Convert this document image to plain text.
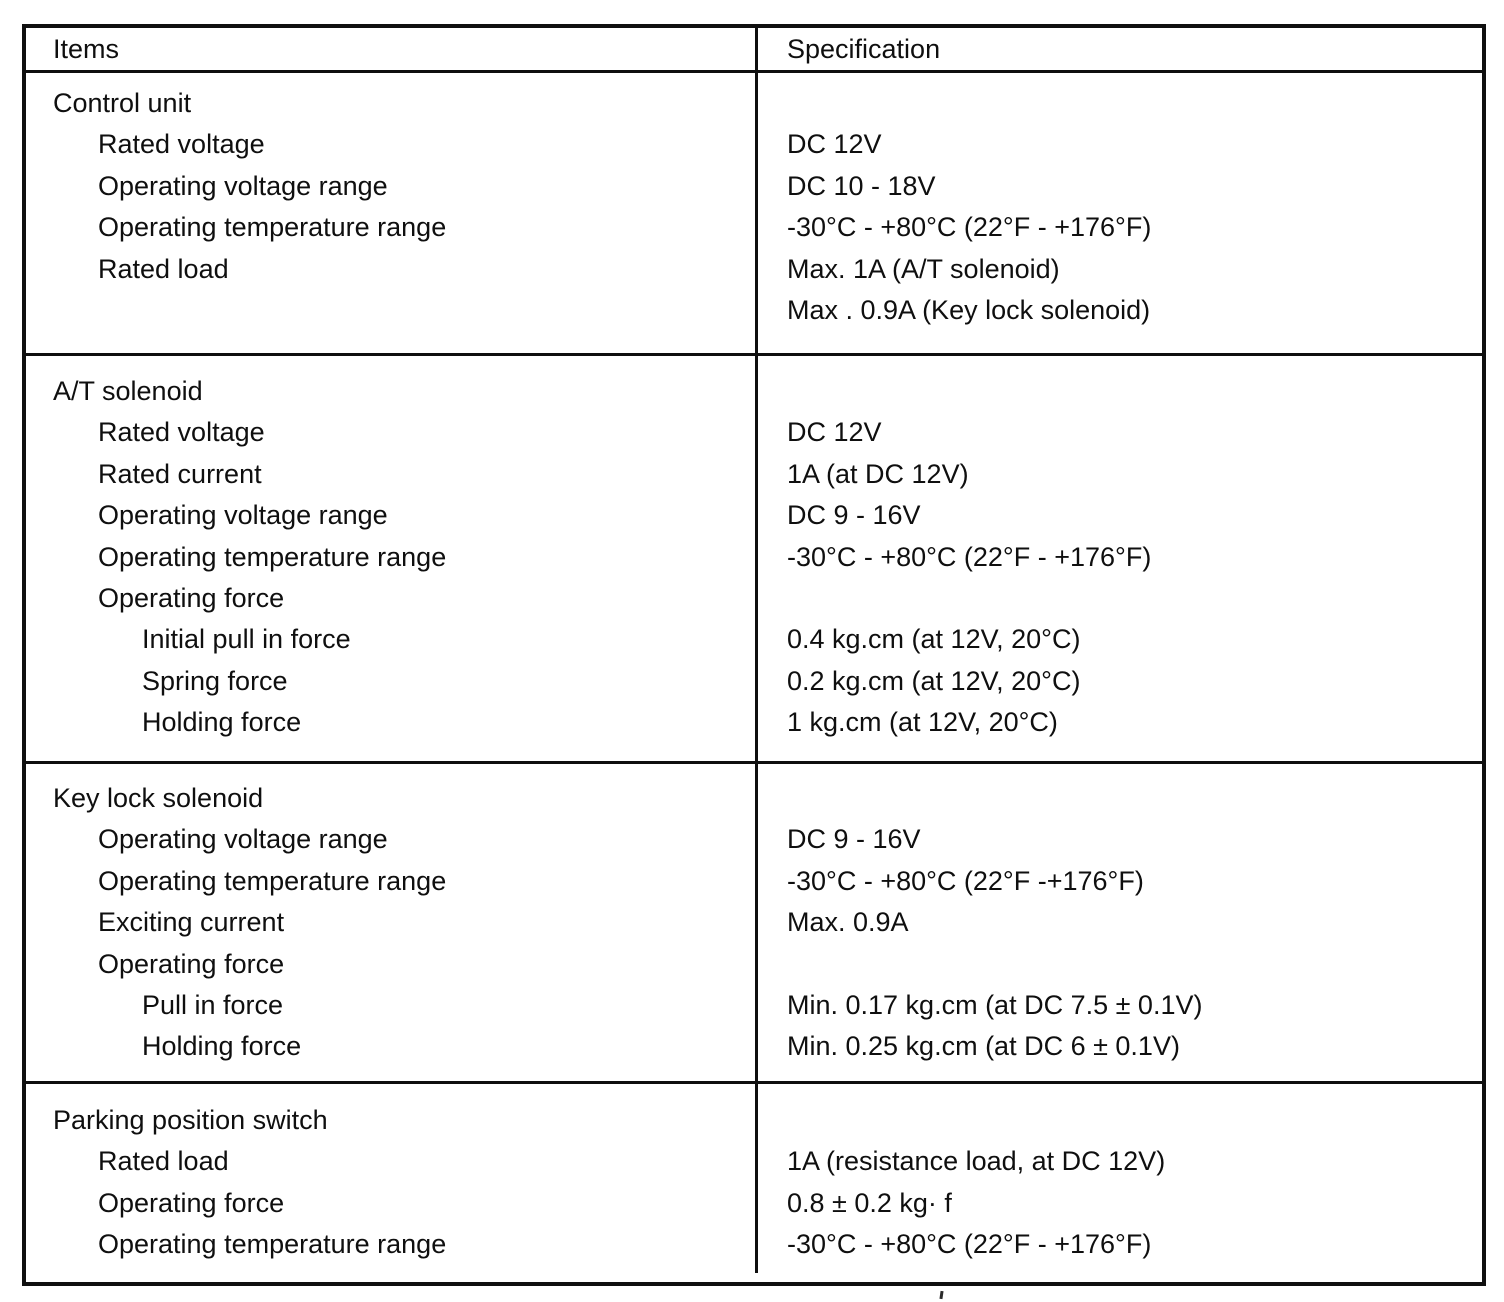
Items	Specification
Control unit
Rated voltage
Operating voltage range
Operating temperature range
Rated load
DC 12V
DC 10 - 18V
-30°C - +80°C (22°F - +176°F)
Max. 1A (A/T solenoid)
Max . 0.9A (Key lock solenoid)
A/T solenoid
Rated voltage
Rated current
Operating voltage range
Operating temperature range
Operating force
Initial pull in force
Spring force
Holding force
DC 12V
1A (at DC 12V)
DC 9 - 16V
-30°C - +80°C (22°F - +176°F)
0.4 kg.cm (at 12V, 20°C)
0.2 kg.cm (at 12V, 20°C)
1 kg.cm (at 12V, 20°C)
Key lock solenoid
Operating voltage range
Operating temperature range
Exciting current
Operating force
Pull in force
Holding force
DC 9 - 16V
-30°C - +80°C (22°F -+176°F)
Max. 0.9A
Min. 0.17 kg.cm (at DC 7.5 ± 0.1V)
Min. 0.25 kg.cm (at DC 6 ± 0.1V)
Parking position switch
Rated load
Operating force
Operating temperature range
1A (resistance load, at DC 12V)
0.8 ± 0.2 kg· f
-30°C - +80°C (22°F - +176°F)
